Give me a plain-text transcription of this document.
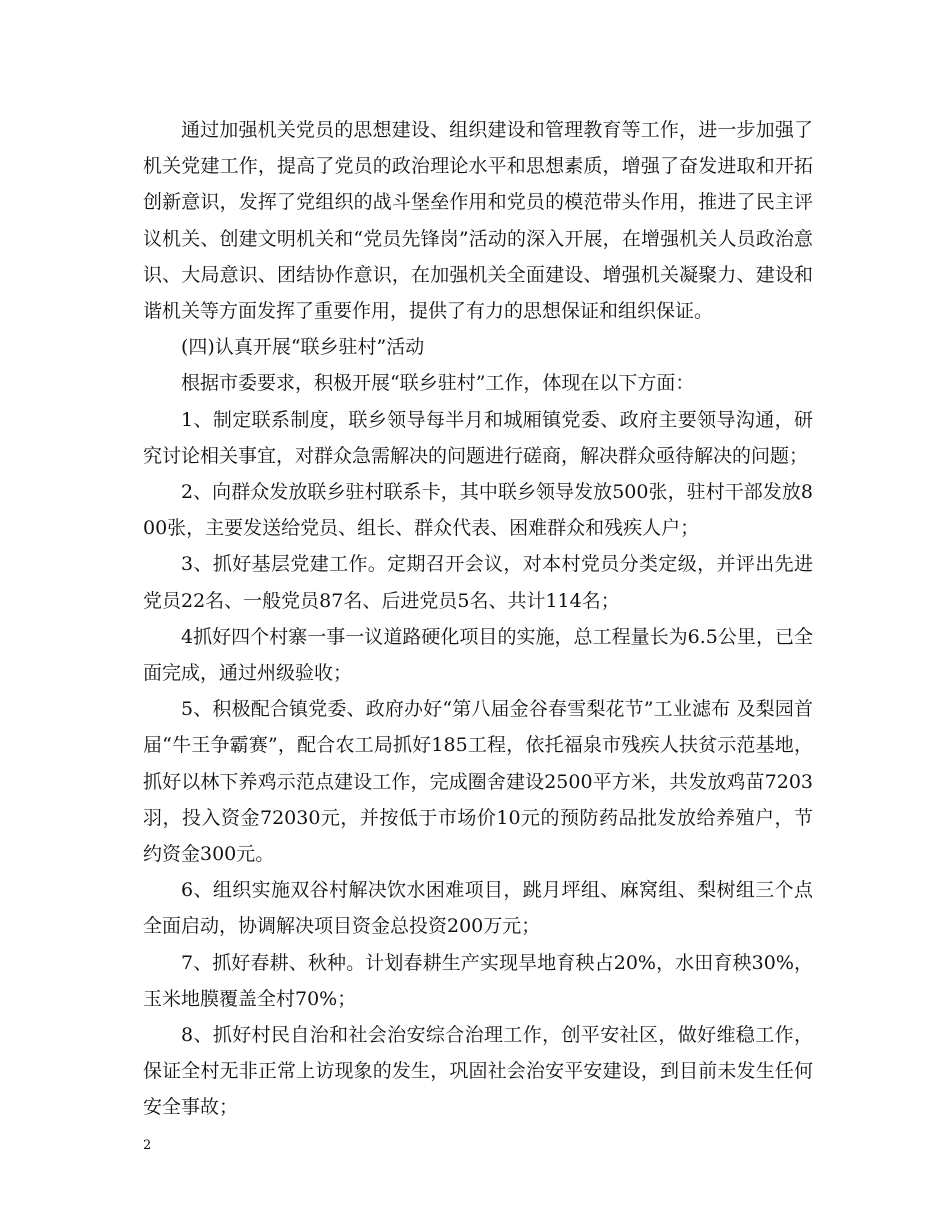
通过加强机关党员的思想建设、组织建设和管理教育等工作，进一步加强了机关党建工作，提高了党员的政治理论水平和思想素质，增强了奋发进取和开拓创新意识，发挥了党组织的战斗堡垒作用和党员的模范带头作用，推进了民主评议机关、创建文明机关和“党员先锋岗”活动的深入开展，在增强机关人员政治意识、大局意识、团结协作意识，在加强机关全面建设、增强机关凝聚力、建设和谐机关等方面发挥了重要作用，提供了有力的思想保证和组织保证。

(四)认真开展“联乡驻村”活动

根据市委要求，积极开展“联乡驻村”工作，体现在以下方面：

1、制定联系制度，联乡领导每半月和城厢镇党委、政府主要领导沟通，研究讨论相关事宜，对群众急需解决的问题进行磋商，解决群众亟待解决的问题；

2、向群众发放联乡驻村联系卡，其中联乡领导发放500张，驻村干部发放800张，主要发送给党员、组长、群众代表、困难群众和残疾人户；

3、抓好基层党建工作。定期召开会议，对本村党员分类定级，并评出先进党员22名、一般党员87名、后进党员5名、共计114名；

4抓好四个村寨一事一议道路硬化项目的实施，总工程量长为6.5公里，已全面完成，通过州级验收；

5、积极配合镇党委、政府办好“第八届金谷春雪梨花节”工业滤布 及梨园首届“牛王争霸赛”，配合农工局抓好185工程，依托福泉市残疾人扶贫示范基地，抓好以林下养鸡示范点建设工作，完成圈舍建设2500平方米，共发放鸡苗7203羽，投入资金72030元，并按低于市场价10元的预防药品批发放给养殖户，节约资金300元。

6、组织实施双谷村解决饮水困难项目，跳月坪组、麻窝组、梨树组三个点全面启动，协调解决项目资金总投资200万元；

7、抓好春耕、秋种。计划春耕生产实现旱地育秧占20%，水田育秧30%，玉米地膜覆盖全村70%；

8、抓好村民自治和社会治安综合治理工作，创平安社区，做好维稳工作，保证全村无非正常上访现象的发生，巩固社会治安平安建设，到目前未发生任何安全事故；

2
